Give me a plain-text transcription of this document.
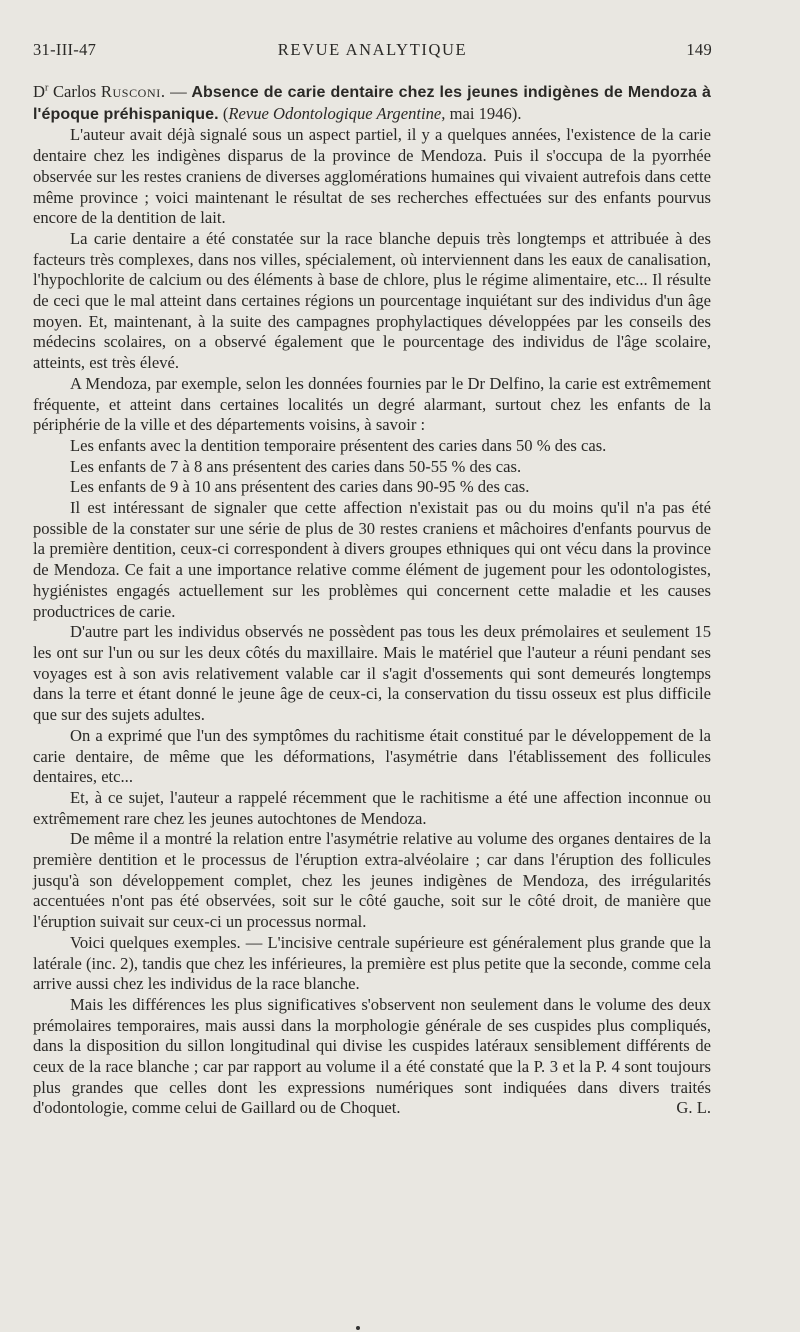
31-III-47	REVUE ANALYTIQUE	149

$D^r$ Carlos Rusconi. — Absence de carie dentaire chez les jeunes indigènes de Mendoza à l'époque préhispanique. (Revue Odontologique Argentine, mai 1946).

L'auteur avait déjà signalé sous un aspect partiel, il y a quelques années, l'existence de la carie dentaire chez les indigènes disparus de la province de Mendoza. Puis il s'occupa de la pyorrhée observée sur les restes craniens de diverses agglomérations humaines qui vivaient autrefois dans cette même province ; voici maintenant le résultat de ses recherches effectuées sur des enfants pourvus encore de la dentition de lait.

La carie dentaire a été constatée sur la race blanche depuis très longtemps et attribuée à des facteurs très complexes, dans nos villes, spécialement, où interviennent dans les eaux de canalisation, l'hypochlorite de calcium ou des éléments à base de chlore, plus le régime alimentaire, etc... Il résulte de ceci que le mal atteint dans certaines régions un pourcentage inquiétant sur des individus d'un âge moyen. Et, maintenant, à la suite des campagnes prophylactiques développées par les conseils des médecins scolaires, on a observé également que le pourcentage des individus de l'âge scolaire, atteints, est très élevé.

A Mendoza, par exemple, selon les données fournies par le Dr Delfino, la carie est extrêmement fréquente, et atteint dans certaines localités un degré alarmant, surtout chez les enfants de la périphérie de la ville et des départements voisins, à savoir :

Les enfants avec la dentition temporaire présentent des caries dans 50 % des cas.

Les enfants de 7 à 8 ans présentent des caries dans 50-55 % des cas.

Les enfants de 9 à 10 ans présentent des caries dans 90-95 % des cas.

Il est intéressant de signaler que cette affection n'existait pas ou du moins qu'il n'a pas été possible de la constater sur une série de plus de 30 restes craniens et mâchoires d'enfants pourvus de la première dentition, ceux-ci correspondent à divers groupes ethniques qui ont vécu dans la province de Mendoza. Ce fait a une importance relative comme élément de jugement pour les odontologistes, hygiénistes engagés actuellement sur les problèmes qui concernent cette maladie et les causes productrices de carie.

D'autre part les individus observés ne possèdent pas tous les deux prémolaires et seulement 15 les ont sur l'un ou sur les deux côtés du maxillaire. Mais le matériel que l'auteur a réuni pendant ses voyages est à son avis relativement valable car il s'agit d'ossements qui sont demeurés longtemps dans la terre et étant donné le jeune âge de ceux-ci, la conservation du tissu osseux est plus difficile que sur des sujets adultes.

On a exprimé que l'un des symptômes du rachitisme était constitué par le développement de la carie dentaire, de même que les déformations, l'asymétrie dans l'établissement des follicules dentaires, etc...

Et, à ce sujet, l'auteur a rappelé récemment que le rachitisme a été une affection inconnue ou extrêmement rare chez les jeunes autochtones de Mendoza.

De même il a montré la relation entre l'asymétrie relative au volume des organes dentaires de la première dentition et le processus de l'éruption extra-alvéolaire ; car dans l'éruption des follicules jusqu'à son développement complet, chez les jeunes indigènes de Mendoza, des irrégularités accentuées n'ont pas été observées, soit sur le côté gauche, soit sur le côté droit, de manière que l'éruption suivait sur ceux-ci un processus normal.

Voici quelques exemples. — L'incisive centrale supérieure est généralement plus grande que la latérale (inc. 2), tandis que chez les inférieures, la première est plus petite que la seconde, comme cela arrive aussi chez les individus de la race blanche.

Mais les différences les plus significatives s'observent non seulement dans le volume des deux prémolaires temporaires, mais aussi dans la morphologie générale de ses cuspides plus compliqués, dans la disposition du sillon longitudinal qui divise les cuspides latéraux sensiblement différents de ceux de la race blanche ; car par rapport au volume il a été constaté que la P. 3 et la P. 4 sont toujours plus grandes que celles dont les expressions numériques sont indiquées dans divers traités d'odontologie, comme celui de Gaillard ou de Choquet.	G. L.
